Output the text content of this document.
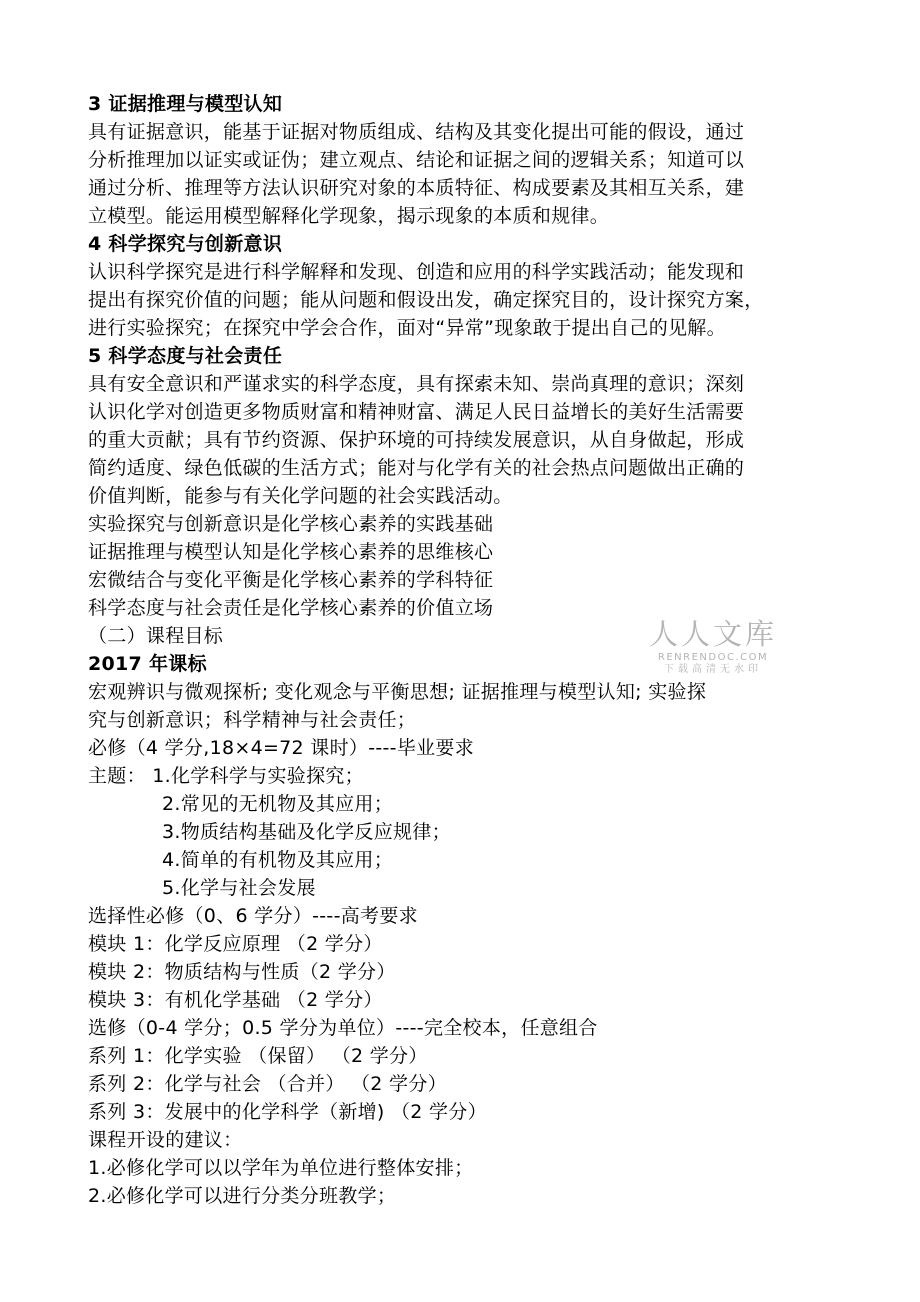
3 证据推理与模型认知
具有证据意识，能基于证据对物质组成、结构及其变化提出可能的假设，通过
分析推理加以证实或证伪；建立观点、结论和证据之间的逻辑关系；知道可以
通过分析、推理等方法认识研究对象的本质特征、构成要素及其相互关系，建
立模型。能运用模型解释化学现象，揭示现象的本质和规律。
4 科学探究与创新意识
认识科学探究是进行科学解释和发现、创造和应用的科学实践活动；能发现和
提出有探究价值的问题；能从问题和假设出发，确定探究目的，设计探究方案，
进行实验探究；在探究中学会合作，面对“异常”现象敢于提出自己的见解。
5 科学态度与社会责任
具有安全意识和严谨求实的科学态度，具有探索未知、崇尚真理的意识；深刻
认识化学对创造更多物质财富和精神财富、满足人民日益增长的美好生活需要
的重大贡献；具有节约资源、保护环境的可持续发展意识，从自身做起，形成
简约适度、绿色低碳的生活方式；能对与化学有关的社会热点问题做出正确的
价值判断，能参与有关化学问题的社会实践活动。
实验探究与创新意识是化学核心素养的实践基础
证据推理与模型认知是化学核心素养的思维核心
宏微结合与变化平衡是化学核心素养的学科特征
科学态度与社会责任是化学核心素养的价值立场
（二）课程目标
2017 年课标
宏观辨识与微观探析; 变化观念与平衡思想; 证据推理与模型认知; 实验探
究与创新意识；科学精神与社会责任；
必修（4 学分,18×4=72 课时）----毕业要求
主题： 1.化学科学与实验探究；
2.常见的无机物及其应用；
3.物质结构基础及化学反应规律；
4.简单的有机物及其应用；
5.化学与社会发展
选择性必修（0、6 学分）----高考要求
模块 1：化学反应原理 （2 学分）
模块 2：物质结构与性质（2 学分）
模块 3：有机化学基础 （2 学分）
选修（0-4 学分；0.5 学分为单位）----完全校本，任意组合
系列 1：化学实验 （保留） （2 学分）
系列 2：化学与社会 （合并） （2 学分）
系列 3：发展中的化学科学（新增) （2 学分）
课程开设的建议：
1.必修化学可以以学年为单位进行整体安排；
2.必修化学可以进行分类分班教学；
人人文库
RENRENDOC.COM
下载高清无水印
